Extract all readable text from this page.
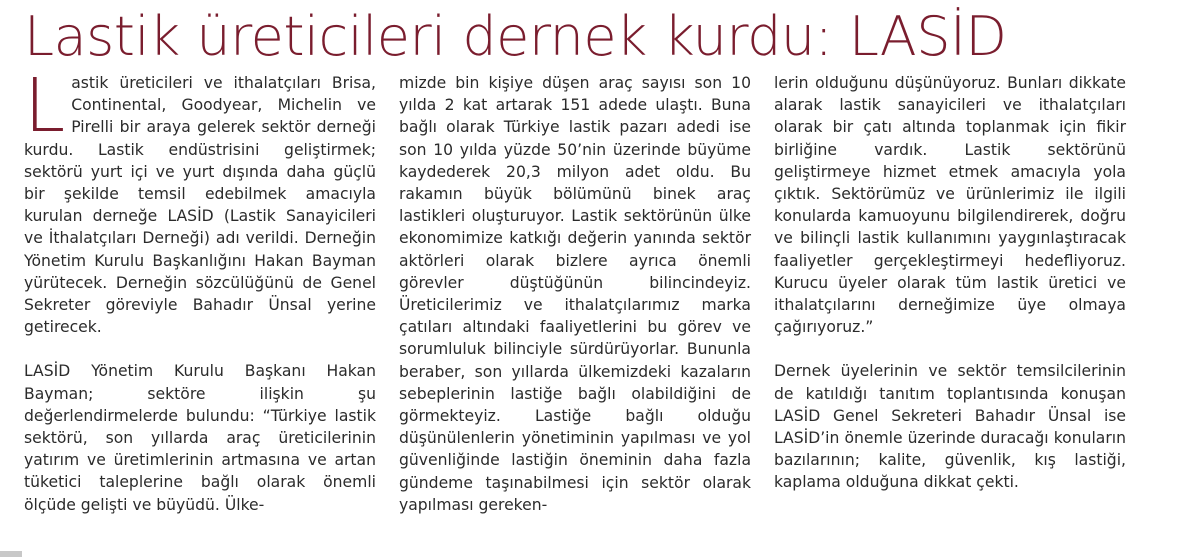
Lastik üreticileri dernek kurdu: LASİD

Lastik üreticileri ve ithalatçıları Brisa, Continental, Goodyear, Michelin ve Pirelli bir araya gelerek sektör derneği kurdu. Lastik endüstrisini geliştirmek; sektörü yurt içi ve yurt dışında daha güçlü bir şekilde temsil edebilmek amacıyla kurulan derneğe LASİD (Lastik Sanayicileri ve İthalatçıları Derneği) adı verildi. Derneğin Yönetim Kurulu Başkanlığını Hakan Bayman yürütecek. Derneğin sözcülüğünü de Genel Sekreter göreviyle Bahadır Ünsal yerine getirecek.

LASİD Yönetim Kurulu Başkanı Hakan Bayman; sektöre ilişkin şu değerlendirmelerde bulundu: “Türkiye lastik sektörü, son yıllarda araç üreticilerinin yatırım ve üretimlerinin artmasına ve artan tüketici taleplerine bağlı olarak önemli ölçüde gelişti ve büyüdü. Ülke-

mizde bin kişiye düşen araç sayısı son 10 yılda 2 kat artarak 151 adede ulaştı. Buna bağlı olarak Türkiye lastik pazarı adedi ise son 10 yılda yüzde 50’nin üzerinde büyüme kaydederek 20,3 milyon adet oldu. Bu rakamın büyük bölümünü binek araç lastikleri oluşturuyor. Lastik sektörünün ülke ekonomimize katkığı değerin yanında sektör aktörleri olarak bizlere ayrıca önemli görevler düştüğünün bilincindeyiz. Üreticilerimiz ve ithalatçılarımız marka çatıları altındaki faaliyetlerini bu görev ve sorumluluk bilinciyle sürdürüyorlar. Bununla beraber, son yıllarda ülkemizdeki kazaların sebeplerinin lastiğe bağlı olabildiğini de görmekteyiz. Lastiğe bağlı olduğu düşünülenlerin yönetiminin yapılması ve yol güvenliğinde lastiğin öneminin daha fazla gündeme taşınabilmesi için sektör olarak yapılması gereken-

lerin olduğunu düşünüyoruz. Bunları dikkate alarak lastik sanayicileri ve ithalatçıları olarak bir çatı altında toplanmak için fikir birliğine vardık. Lastik sektörünü geliştirmeye hizmet etmek amacıyla yola çıktık. Sektörümüz ve ürünlerimiz ile ilgili konularda kamuoyunu bilgilendirerek, doğru ve bilinçli lastik kullanımını yaygınlaştıracak faaliyetler gerçekleştirmeyi hedefliyoruz. Kurucu üyeler olarak tüm lastik üretici ve ithalatçılarını derneğimize üye olmaya çağırıyoruz.”

Dernek üyelerinin ve sektör temsilcilerinin de katıldığı tanıtım toplantısında konuşan LASİD Genel Sekreteri Bahadır Ünsal ise LASİD’in önemle üzerinde duracağı konuların bazılarının; kalite, güvenlik, kış lastiği, kaplama olduğuna dikkat çekti.
